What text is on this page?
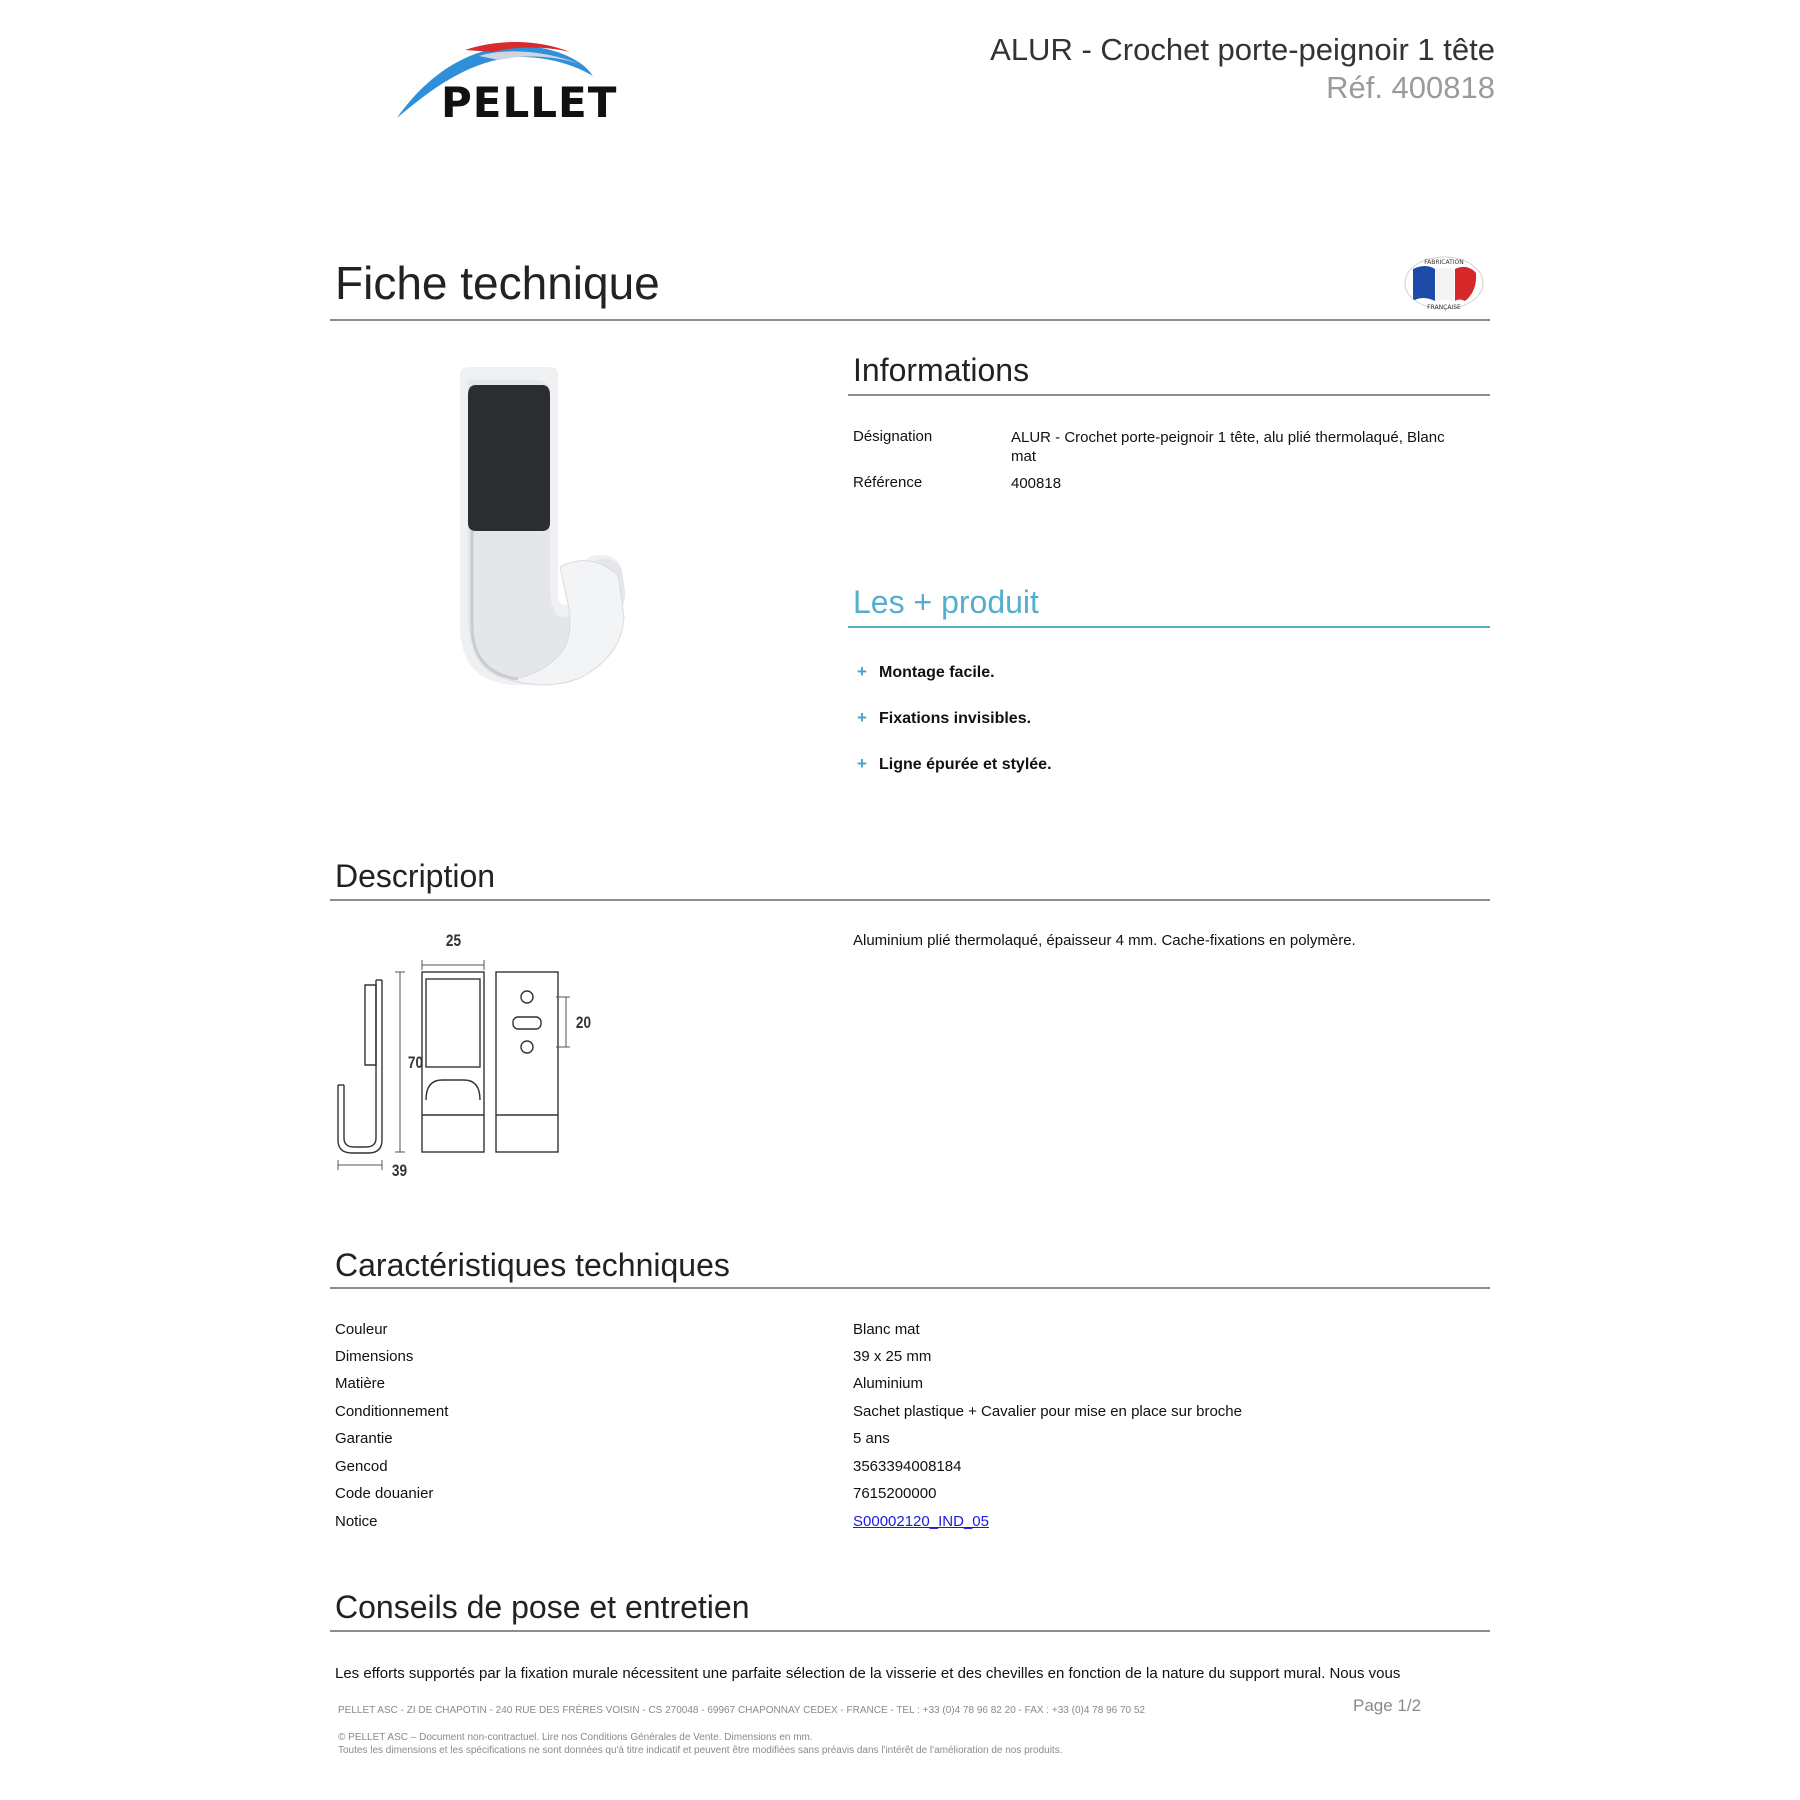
PELLET
ALUR - Crochet porte-peignoir 1 tête
Réf. 400818
Fiche technique	FABRICATION
FRANÇAISE
Informations
Désignation	ALUR - Crochet porte-peignoir 1 tête, alu plié thermolaqué, Blanc mat
Référence	400818
Les + produit
+ Montage facile.
+ Fixations invisibles.
+ Ligne épurée et stylée.
Description
25
70
39
20
Aluminium plié thermolaqué, épaisseur 4 mm. Cache-fixations en polymère.
Caractéristiques techniques
Couleur	Blanc mat
Dimensions	39 x 25 mm
Matière	Aluminium
Conditionnement	Sachet plastique + Cavalier pour mise en place sur broche
Garantie	5 ans
Gencod	3563394008184
Code douanier	7615200000
Notice	S00002120_IND_05
Conseils de pose et entretien
Les efforts supportés par la fixation murale nécessitent une parfaite sélection de la visserie et des chevilles en fonction de la nature du support mural. Nous vous
PELLET ASC - ZI DE CHAPOTIN - 240 RUE DES FRÈRES VOISIN - CS 270048 - 69967 CHAPONNAY CEDEX - FRANCE - TEL : +33 (0)4 78 96 82 20 - FAX : +33 (0)4 78 96 70 52	Page 1/2
© PELLET ASC – Document non-contractuel. Lire nos Conditions Générales de Vente. Dimensions en mm.
Toutes les dimensions et les spécifications ne sont données qu'à titre indicatif et peuvent être modifiées sans préavis dans l'intérêt de l'amélioration de nos produits.
